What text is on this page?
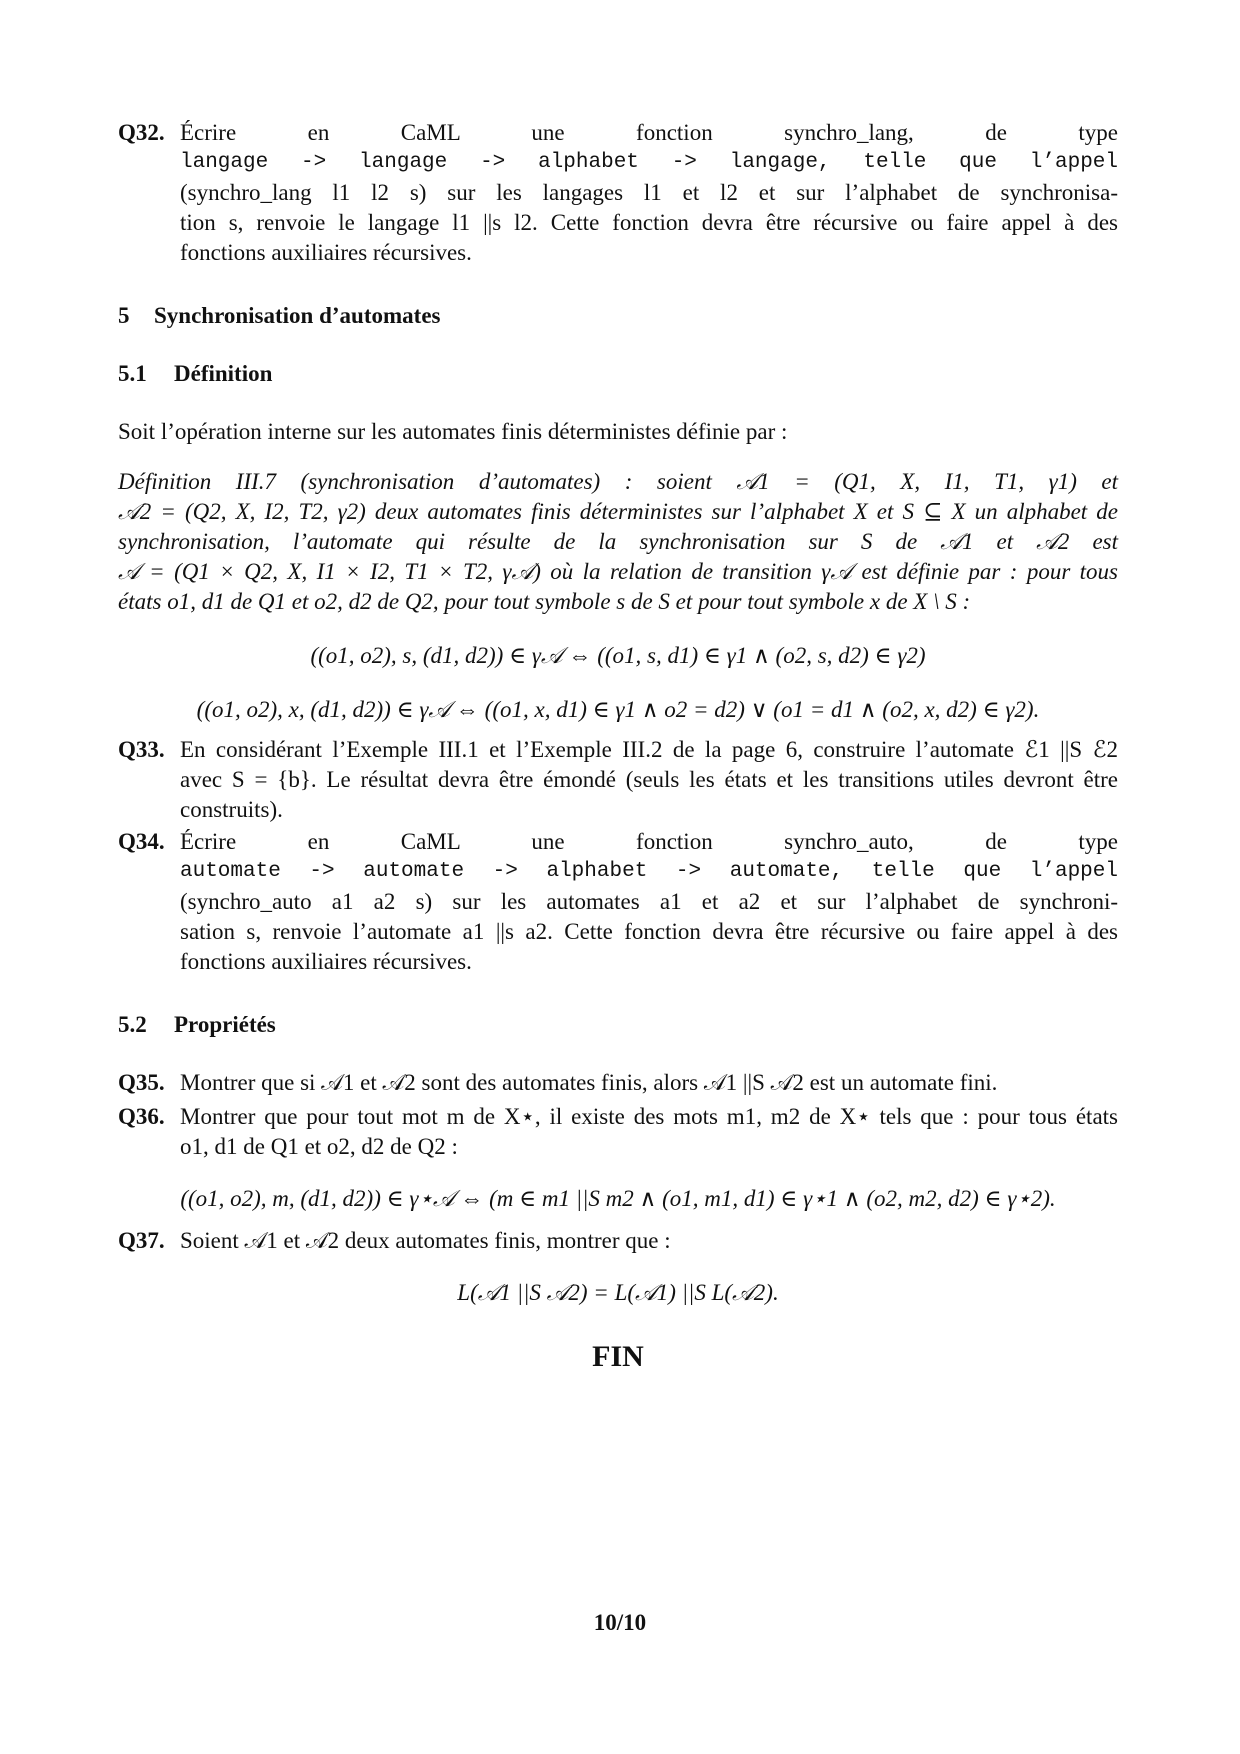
Q32. Écrire en CaML une fonction synchro_lang, de type

langage -> langage -> alphabet -> langage, telle que l’appel

(synchro_lang l1 l2 s) sur les langages l1 et l2 et sur l’alphabet de synchronisa-

tion s, renvoie le langage l1 ||s l2. Cette fonction devra être récursive ou faire appel à des

fonctions auxiliaires récursives.

5 Synchronisation d’automates
5.1 Définition

Soit l’opération interne sur les automates finis déterministes définie par :

Définition III.7 (synchronisation d’automates) : soient 𝒜1 = (Q1, X, I1, T1, γ1) et

𝒜2 = (Q2, X, I2, T2, γ2) deux automates finis déterministes sur l’alphabet X et S ⊆ X un alphabet de

synchronisation, l’automate qui résulte de la synchronisation sur S de 𝒜1 et 𝒜2 est

𝒜 = (Q1 × Q2, X, I1 × I2, T1 × T2, γ𝒜) où la relation de transition γ𝒜 est définie par : pour tous

états o1, d1 de Q1 et o2, d2 de Q2, pour tout symbole s de S et pour tout symbole x de X \ S :

((o1, o2), s, (d1, d2)) ∈ γ𝒜 ⇔ ((o1, s, d1) ∈ γ1 ∧ (o2, s, d2) ∈ γ2)

((o1, o2), x, (d1, d2)) ∈ γ𝒜 ⇔ ((o1, x, d1) ∈ γ1 ∧ o2 = d2) ∨ (o1 = d1 ∧ (o2, x, d2) ∈ γ2).

Q33. En considérant l’Exemple III.1 et l’Exemple III.2 de la page 6, construire l’automate ℰ1 ||S ℰ2

avec S = {b}. Le résultat devra être émondé (seuls les états et les transitions utiles devront être

construits).

Q34. Écrire en CaML une fonction synchro_auto, de type

automate -> automate -> alphabet -> automate, telle que l’appel

(synchro_auto a1 a2 s) sur les automates a1 et a2 et sur l’alphabet de synchroni-

sation s, renvoie l’automate a1 ||s a2. Cette fonction devra être récursive ou faire appel à des

fonctions auxiliaires récursives.

5.2 Propriétés
Q35. Montrer que si 𝒜1 et 𝒜2 sont des automates finis, alors 𝒜1 ||S 𝒜2 est un automate fini.

Q36. Montrer que pour tout mot m de X⋆, il existe des mots m1, m2 de X⋆ tels que : pour tous états

o1, d1 de Q1 et o2, d2 de Q2 :

((o1, o2), m, (d1, d2)) ∈ γ⋆𝒜 ⇔ (m ∈ m1 ||S m2 ∧ (o1, m1, d1) ∈ γ⋆1 ∧ (o2, m2, d2) ∈ γ⋆2).

Q37. Soient 𝒜1 et 𝒜2 deux automates finis, montrer que :

L(𝒜1 ||S 𝒜2) = L(𝒜1) ||S L(𝒜2).

FIN

10/10
